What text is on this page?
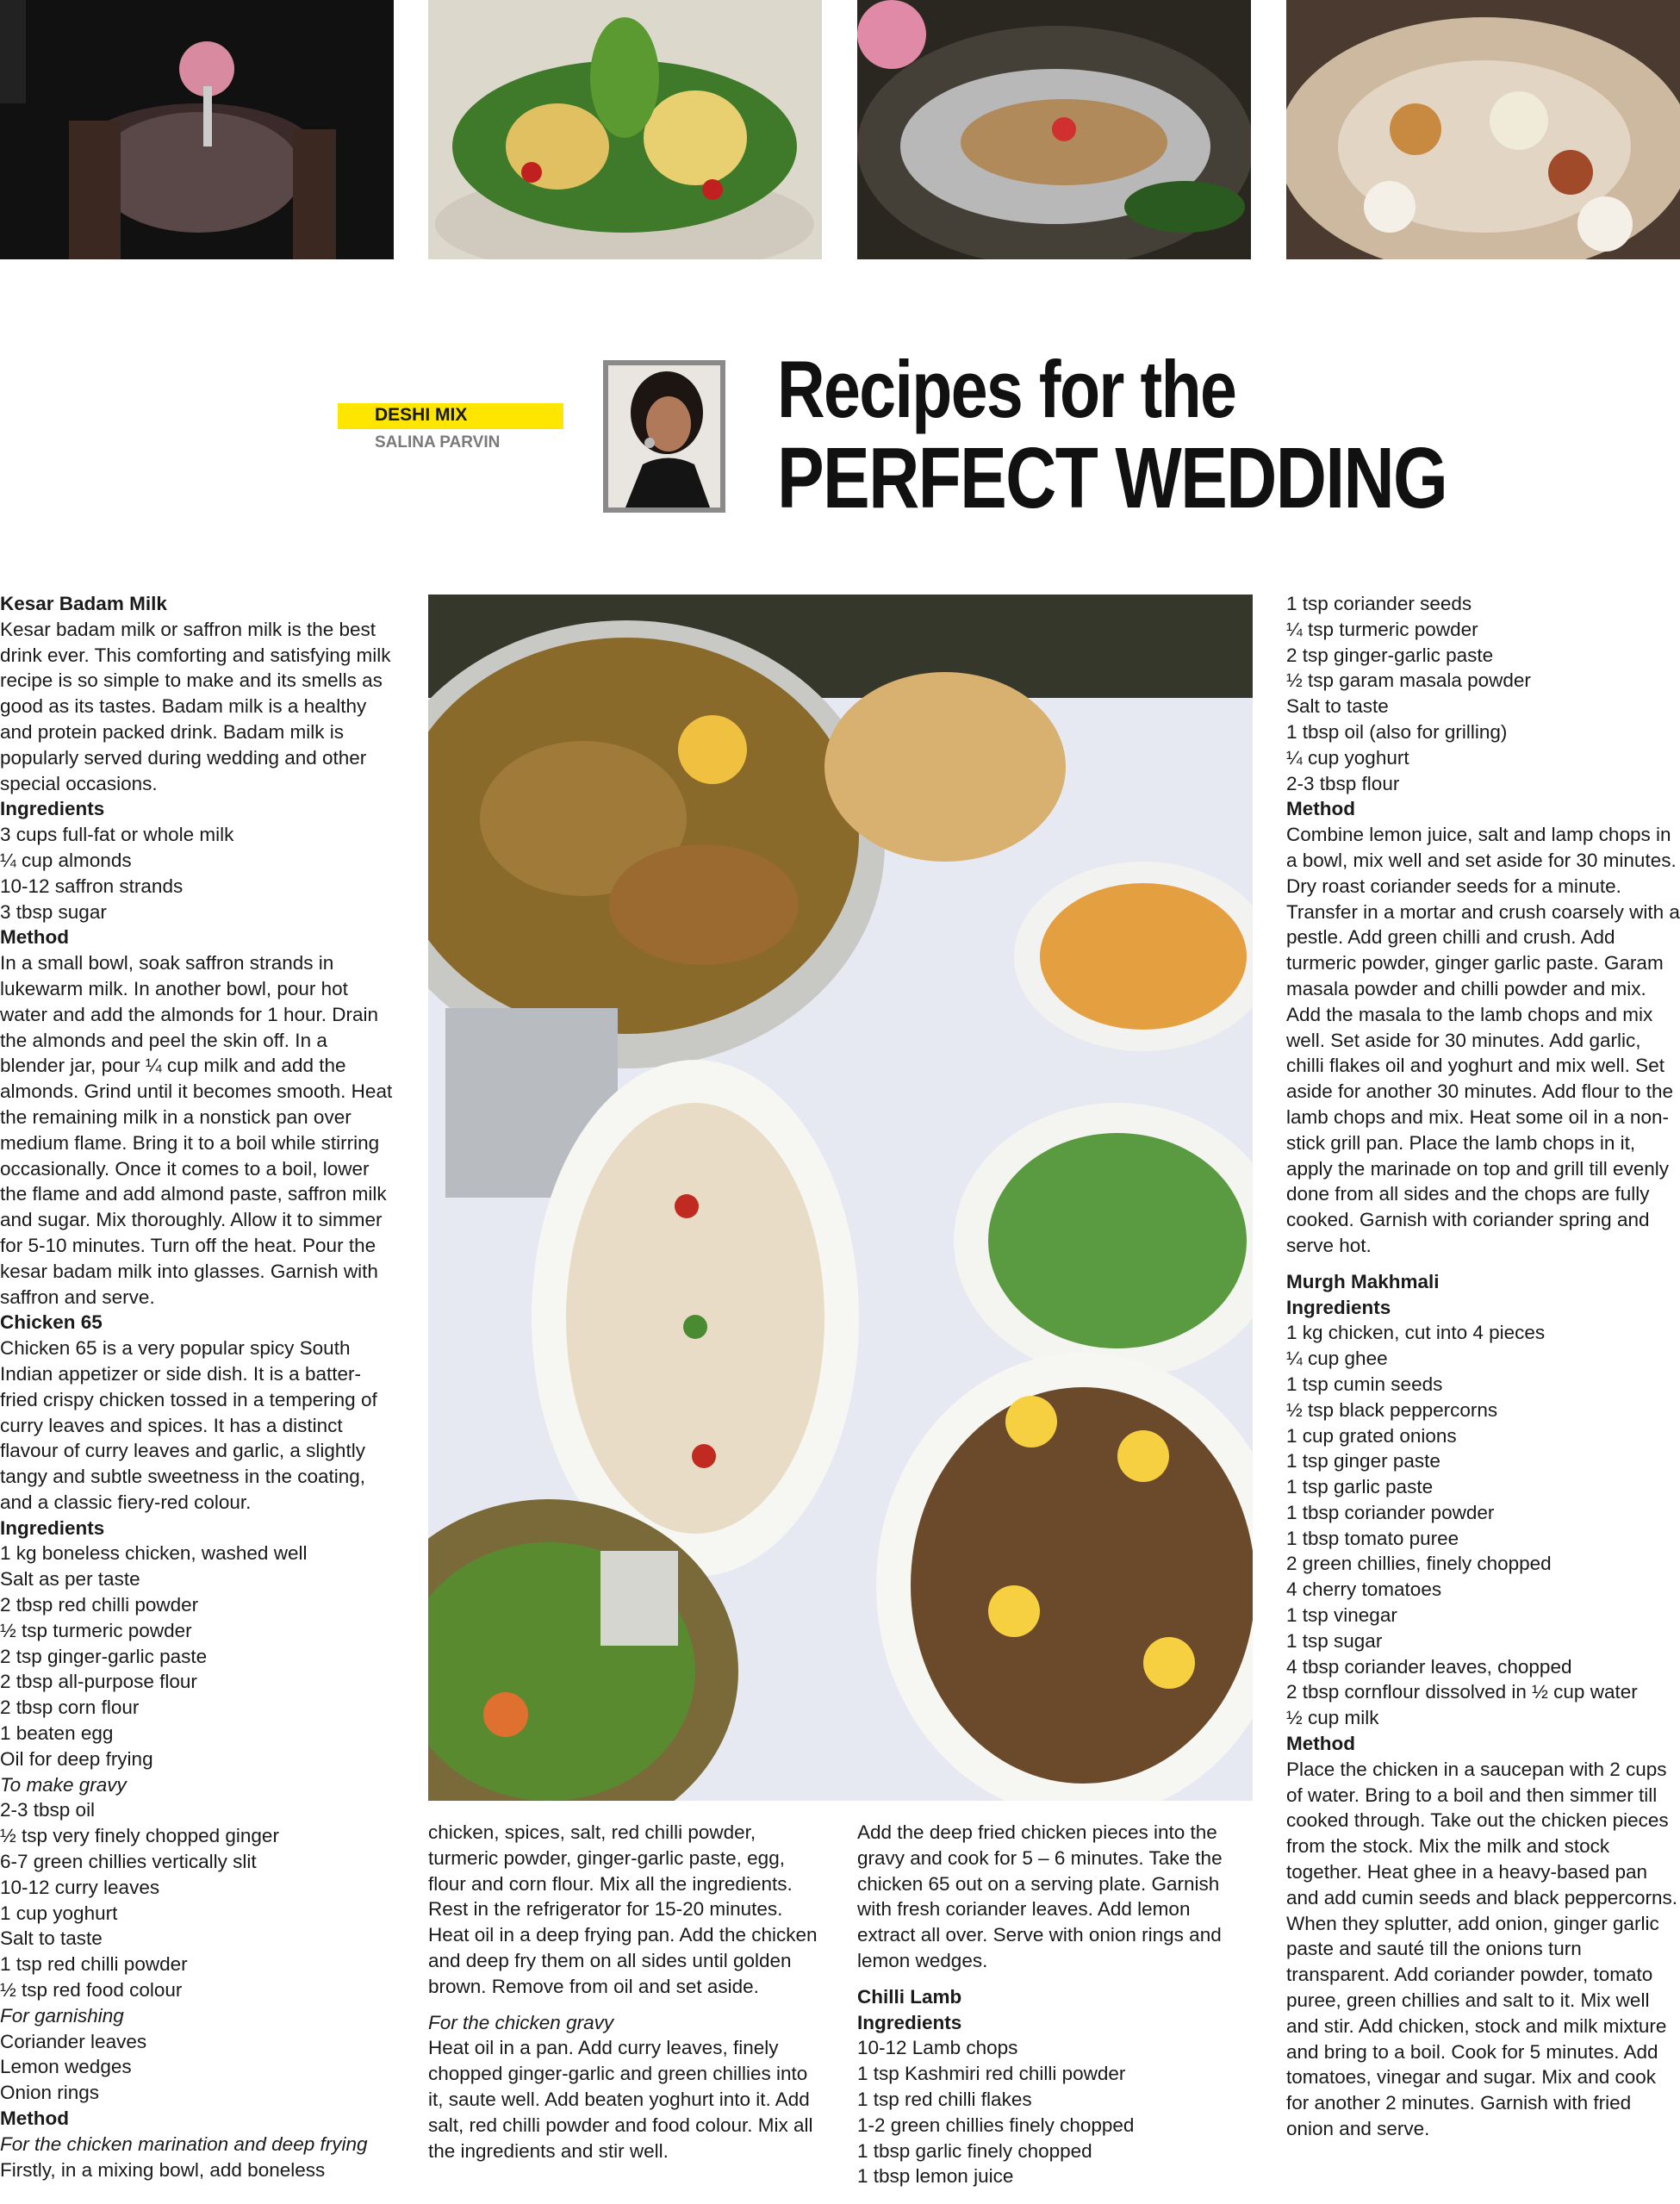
DESHI MIX
SALINA PARVIN
Recipes for the
PERFECT WEDDING

Kesar Badam Milk

Kesar badam milk or saffron milk is the best drink ever. This comforting and satisfying milk recipe is so simple to make and its smells as good as its tastes. Badam milk is a healthy and protein packed drink. Badam milk is popularly served during wedding and other special occasions.

Ingredients

3 cups full-fat or whole milk

¼ cup almonds

10-12 saffron strands

3 tbsp sugar

Method

In a small bowl, soak saffron strands in lukewarm milk. In another bowl, pour hot water and add the almonds for 1 hour. Drain the almonds and peel the skin off. In a blender jar, pour ¼ cup milk and add the almonds. Grind until it becomes smooth. Heat the remaining milk in a nonstick pan over medium flame. Bring it to a boil while stirring occasionally. Once it comes to a boil, lower the flame and add almond paste, saffron milk and sugar. Mix thoroughly. Allow it to simmer for 5-10 minutes. Turn off the heat. Pour the kesar badam milk into glasses. Garnish with saffron and serve.

Chicken 65

Chicken 65 is a very popular spicy South Indian appetizer or side dish. It is a batter-fried crispy chicken tossed in a tempering of curry leaves and spices. It has a distinct flavour of curry leaves and garlic, a slightly tangy and subtle sweetness in the coating, and a classic fiery-red colour.

Ingredients

1 kg boneless chicken, washed well

Salt as per taste

2 tbsp red chilli powder

½ tsp turmeric powder

2 tsp ginger-garlic paste

2 tbsp all-purpose flour

2 tbsp corn flour

1 beaten egg

Oil for deep frying

To make gravy

2-3 tbsp oil

½ tsp very finely chopped ginger

6-7 green chillies vertically slit

10-12 curry leaves

1 cup yoghurt

Salt to taste

1 tsp red chilli powder

½ tsp red food colour

For garnishing

Coriander leaves

Lemon wedges

Onion rings

Method

For the chicken marination and deep frying

Firstly, in a mixing bowl, add boneless

chicken, spices, salt, red chilli powder, turmeric powder, ginger-garlic paste, egg, flour and corn flour. Mix all the ingredients. Rest in the refrigerator for 15-20 minutes. Heat oil in a deep frying pan. Add the chicken and deep fry them on all sides until golden brown. Remove from oil and set aside.

For the chicken gravy

Heat oil in a pan. Add curry leaves, finely chopped ginger-garlic and green chillies into it, saute well. Add beaten yoghurt into it. Add salt, red chilli powder and food colour. Mix all the ingredients and stir well.

Add the deep fried chicken pieces into the gravy and cook for 5 – 6 minutes. Take the chicken 65 out on a serving plate. Garnish with fresh coriander leaves. Add lemon extract all over. Serve with onion rings and lemon wedges.

Chilli Lamb

Ingredients

10-12 Lamb chops

1 tsp Kashmiri red chilli powder

1 tsp red chilli flakes

1-2 green chillies finely chopped

1 tbsp garlic finely chopped

1 tbsp lemon juice

1 tsp coriander seeds

¼ tsp turmeric powder

2 tsp ginger-garlic paste

½ tsp garam masala powder

Salt to taste

1 tbsp oil (also for grilling)

¼ cup yoghurt

2-3 tbsp flour

Method

Combine lemon juice, salt and lamp chops in a bowl, mix well and set aside for 30 minutes. Dry roast coriander seeds for a minute. Transfer in a mortar and crush coarsely with a pestle. Add green chilli and crush. Add turmeric powder, ginger garlic paste. Garam masala powder and chilli powder and mix. Add the masala to the lamb chops and mix well. Set aside for 30 minutes. Add garlic, chilli flakes oil and yoghurt and mix well. Set aside for another 30 minutes. Add flour to the lamb chops and mix. Heat some oil in a non-stick grill pan. Place the lamb chops in it, apply the marinade on top and grill till evenly done from all sides and the chops are fully cooked. Garnish with coriander spring and serve hot.

Murgh Makhmali

Ingredients

1 kg chicken, cut into 4 pieces

¼ cup ghee

1 tsp cumin seeds

½ tsp black peppercorns

1 cup grated onions

1 tsp ginger paste

1 tsp garlic paste

1 tbsp coriander powder

1 tbsp tomato puree

2 green chillies, finely chopped

4 cherry tomatoes

1 tsp vinegar

1 tsp sugar

4 tbsp coriander leaves, chopped

2 tbsp cornflour dissolved in ½ cup water

½ cup milk

Method

Place the chicken in a saucepan with 2 cups of water. Bring to a boil and then simmer till cooked through. Take out the chicken pieces from the stock. Mix the milk and stock together. Heat ghee in a heavy-based pan and add cumin seeds and black peppercorns. When they splutter, add onion, ginger garlic paste and sauté till the onions turn transparent. Add coriander powder, tomato puree, green chillies and salt to it. Mix well and stir. Add chicken, stock and milk mixture and bring to a boil. Cook for 5 minutes. Add tomatoes, vinegar and sugar. Mix and cook for another 2 minutes. Garnish with fried onion and serve.
